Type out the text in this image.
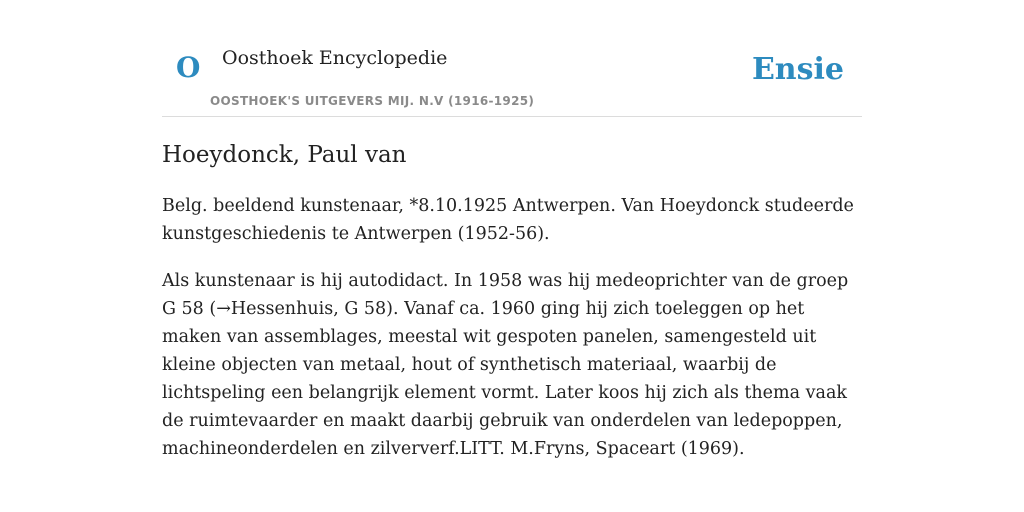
O Oosthoek Encyclopedie
OOSTHOEK'S UITGEVERS MIJ. N.V (1916-1925)
Ensie
Hoeydonck, Paul van

Belg. beeldend kunstenaar, *8.10.1925 Antwerpen. Van Hoeydonck studeerde kunstgeschiedenis te Antwerpen (1952-56).

Als kunstenaar is hij autodidact. In 1958 was hij medeoprichter van de groep G 58 (→Hessenhuis, G 58). Vanaf ca. 1960 ging hij zich toeleggen op het maken van assemblages, meestal wit gespoten panelen, samengesteld uit kleine objecten van metaal, hout of synthetisch materiaal, waarbij de lichtspeling een belangrijk element vormt. Later koos hij zich als thema vaak de ruimtevaarder en maakt daarbij gebruik van onderdelen van ledepoppen, machineonderdelen en zilververf.LITT. M.Fryns, Spaceart (1969).
